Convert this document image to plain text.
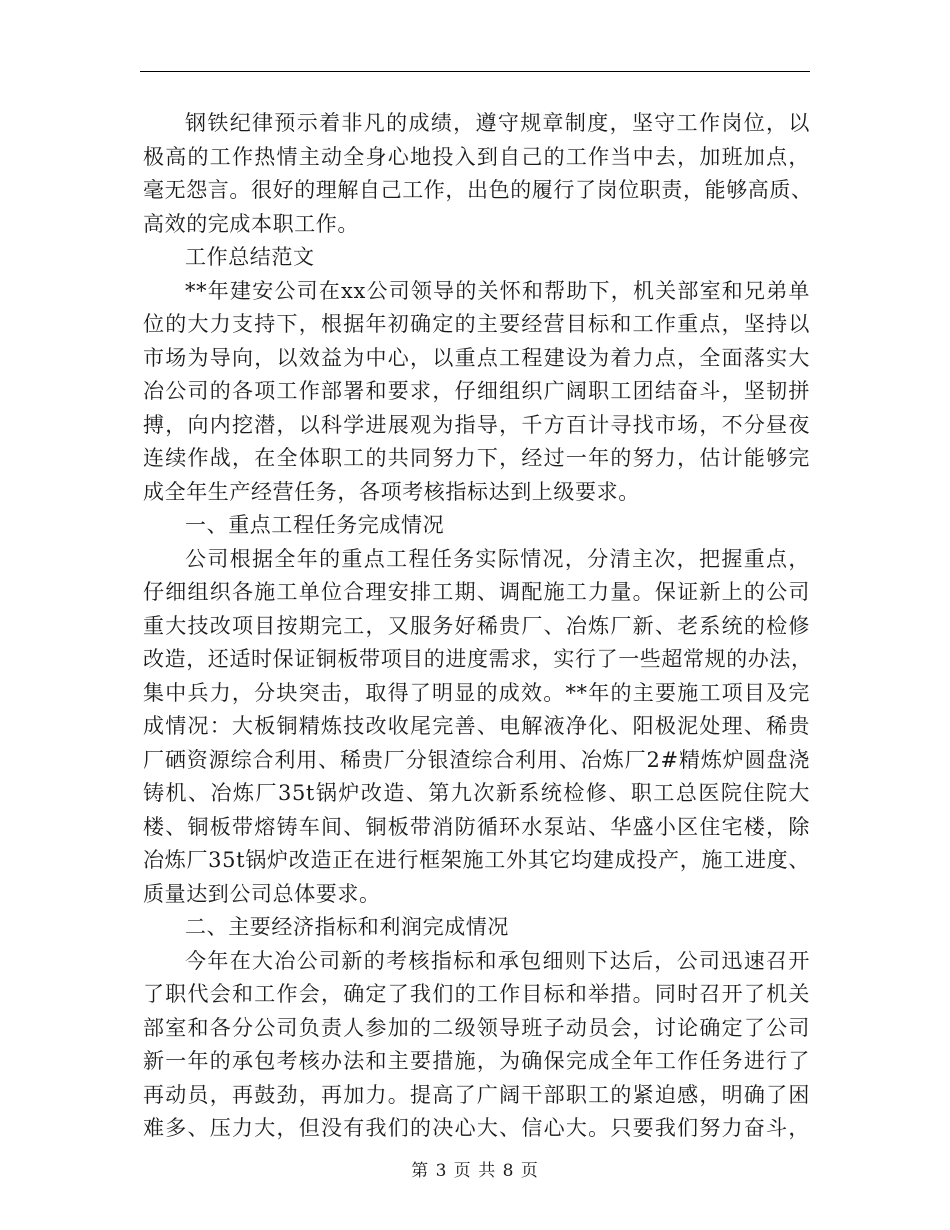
钢铁纪律预示着非凡的成绩，遵守规章制度，坚守工作岗位，以
极高的工作热情主动全身心地投入到自己的工作当中去，加班加点，
毫无怨言。很好的理解自己工作，出色的履行了岗位职责，能够高质、
高效的完成本职工作。
工作总结范文
**年建安公司在xx公司领导的关怀和帮助下，机关部室和兄弟单
位的大力支持下，根据年初确定的主要经营目标和工作重点，坚持以
市场为导向，以效益为中心，以重点工程建设为着力点，全面落实大
冶公司的各项工作部署和要求，仔细组织广阔职工团结奋斗，坚韧拼
搏，向内挖潜，以科学进展观为指导，千方百计寻找市场，不分昼夜
连续作战，在全体职工的共同努力下，经过一年的努力，估计能够完
成全年生产经营任务，各项考核指标达到上级要求。
一、重点工程任务完成情况
公司根据全年的重点工程任务实际情况，分清主次，把握重点，
仔细组织各施工单位合理安排工期、调配施工力量。保证新上的公司
重大技改项目按期完工，又服务好稀贵厂、冶炼厂新、老系统的检修
改造，还适时保证铜板带项目的进度需求，实行了一些超常规的办法，
集中兵力，分块突击，取得了明显的成效。**年的主要施工项目及完
成情况：大板铜精炼技改收尾完善、电解液净化、阳极泥处理、稀贵
厂硒资源综合利用、稀贵厂分银渣综合利用、冶炼厂2#精炼炉圆盘浇
铸机、冶炼厂35t锅炉改造、第九次新系统检修、职工总医院住院大
楼、铜板带熔铸车间、铜板带消防循环水泵站、华盛小区住宅楼，除
冶炼厂35t锅炉改造正在进行框架施工外其它均建成投产，施工进度、
质量达到公司总体要求。
二、主要经济指标和利润完成情况
今年在大冶公司新的考核指标和承包细则下达后，公司迅速召开
了职代会和工作会，确定了我们的工作目标和举措。同时召开了机关
部室和各分公司负责人参加的二级领导班子动员会，讨论确定了公司
新一年的承包考核办法和主要措施，为确保完成全年工作任务进行了
再动员，再鼓劲，再加力。提高了广阔干部职工的紧迫感，明确了困
难多、压力大，但没有我们的决心大、信心大。只要我们努力奋斗，
第 3 页 共 8 页
